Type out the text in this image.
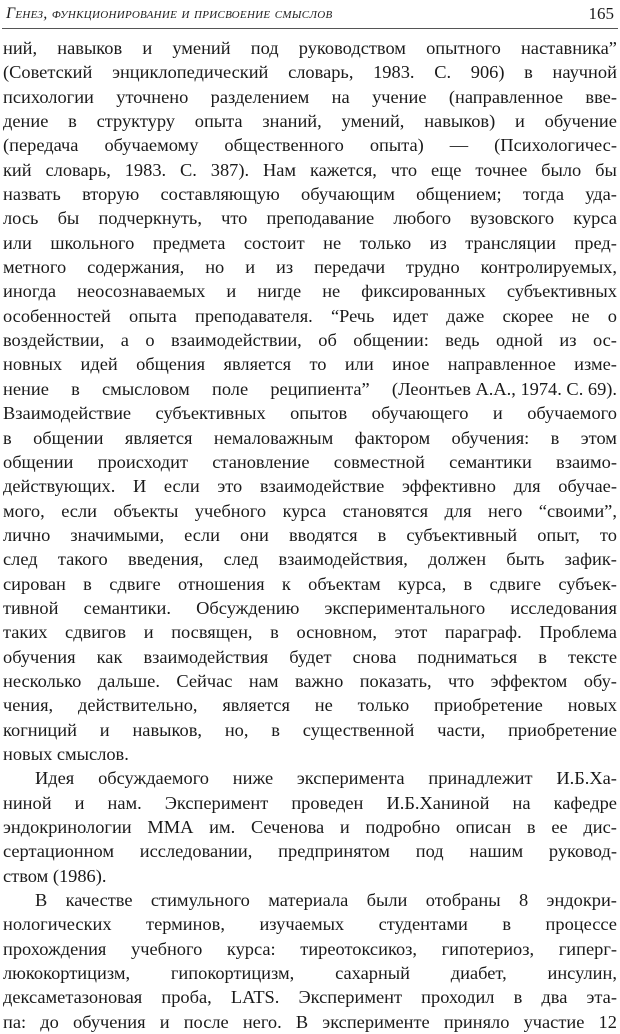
Генез, функционирование и присвоение смыслов	165
ний, навыков и умений под руководством опытного наставника”
(Советский энциклопедический словарь, 1983. С. 906) в научной
психологии уточнено разделением на учение (направленное вве-
дение в структуру опыта знаний, умений, навыков) и обучение
(передача обучаемому общественного опыта) — (Психологичес-
кий словарь, 1983. С. 387). Нам кажется, что еще точнее было бы
назвать вторую составляющую обучающим общением; тогда уда-
лось бы подчеркнуть, что преподавание любого вузовского курса
или школьного предмета состоит не только из трансляции пред-
метного содержания, но и из передачи трудно контролируемых,
иногда неосознаваемых и нигде не фиксированных субъективных
особенностей опыта преподавателя. “Речь идет даже скорее не о
воздействии, а о взаимодействии, об общении: ведь одной из ос-
новных идей общения является то или иное направленное изме-
нение в смысловом поле реципиента” ( Леонтьев А.А., 1974. С. 69).
Взаимодействие субъективных опытов обучающего и обучаемого
в общении является немаловажным фактором обучения: в этом
общении происходит становление совместной семантики взаимо-
действующих. И если это взаимодействие эффективно для обучае-
мого, если объекты учебного курса становятся для него “своими”,
лично значимыми, если они вводятся в субъективный опыт, то
след такого введения, след взаимодействия, должен быть зафик-
сирован в сдвиге отношения к объектам курса, в сдвиге субъек-
тивной семантики. Обсуждению экспериментального исследования
таких сдвигов и посвящен, в основном, этот параграф. Проблема
обучения как взаимодействия будет снова подниматься в тексте
несколько дальше. Сейчас нам важно показать, что эффектом обу-
чения, действительно, является не только приобретение новых
когниций и навыков, но, в существенной части, приобретение
новых смыслов.
Идея обсуждаемого ниже эксперимента принадлежит И.Б.Ха-
ниной и нам. Эксперимент проведен И.Б.Ханиной на кафедре
эндокринологии ММА им. Сеченова и подробно описан в ее дис-
сертационном исследовании, предпринятом под нашим руковод-
ством (1986).
В качестве стимульного материала были отобраны 8 эндокри-
нологических терминов, изучаемых студентами в процессе
прохождения учебного курса: тиреотоксикоз, гипотериоз, гиперг-
люкокортицизм, гипокортицизм, сахарный диабет, инсулин,
дексаметазоновая проба, LATS. Эксперимент проходил в два эта-
па: до обучения и после него. В эксперименте приняло участие 12
